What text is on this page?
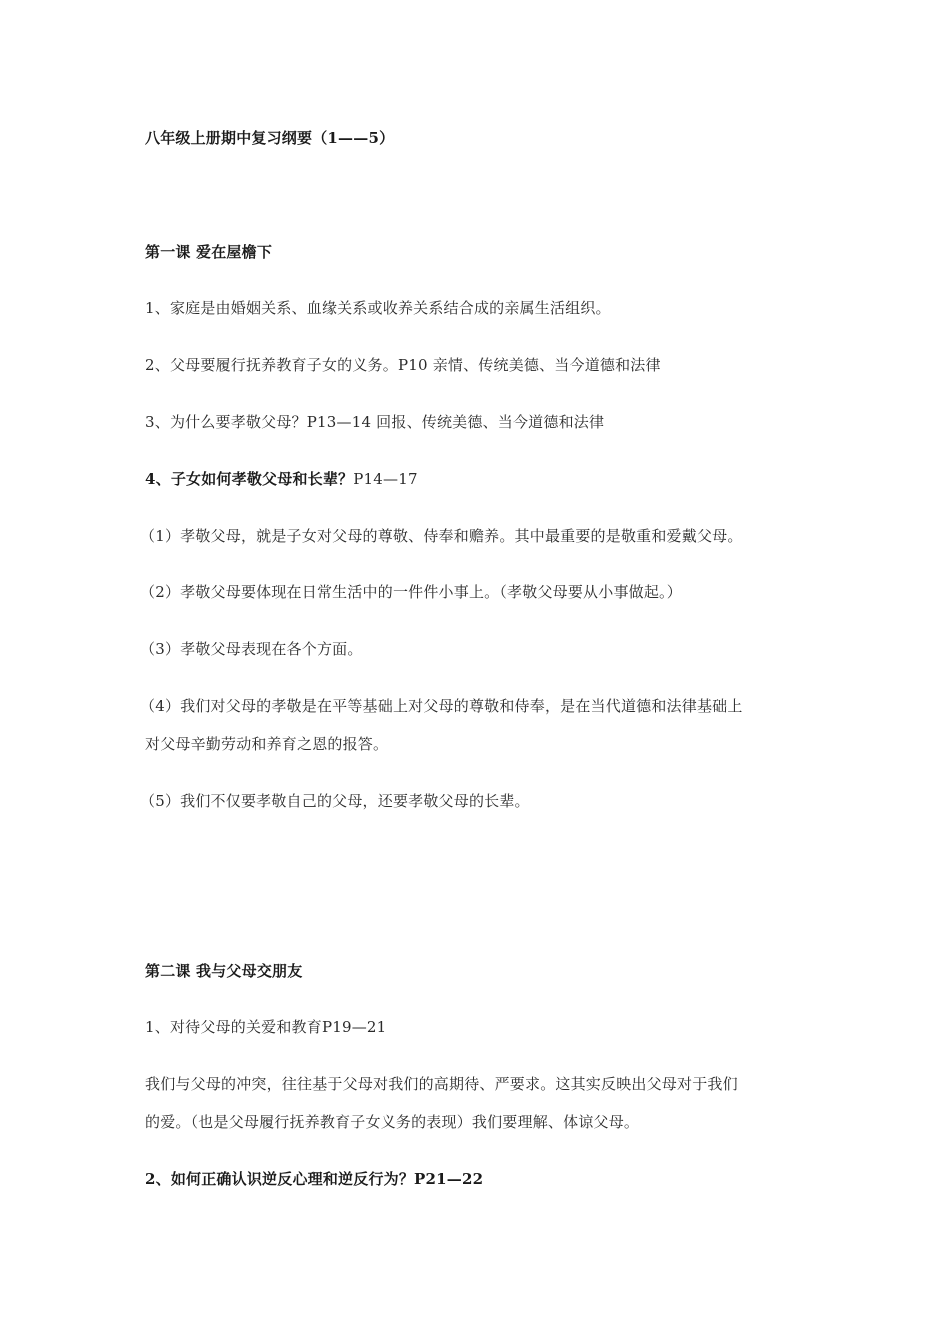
八年级上册期中复习纲要（1——5）
第一课 爱在屋檐下
1、家庭是由婚姻关系、血缘关系或收养关系结合成的亲属生活组织。
2、父母要履行抚养教育子女的义务。P10 亲情、传统美德、当今道德和法律
3、为什么要孝敬父母？P13—14 回报、传统美德、当今道德和法律
4、子女如何孝敬父母和长辈？P14—17
（1）孝敬父母，就是子女对父母的尊敬、侍奉和赡养。其中最重要的是敬重和爱戴父母。
（2）孝敬父母要体现在日常生活中的一件件小事上。（孝敬父母要从小事做起。）
（3）孝敬父母表现在各个方面。
（4）我们对父母的孝敬是在平等基础上对父母的尊敬和侍奉，是在当代道德和法律基础上
对父母辛勤劳动和养育之恩的报答。
（5）我们不仅要孝敬自己的父母，还要孝敬父母的长辈。
第二课 我与父母交朋友
1、对待父母的关爱和教育P19—21
我们与父母的冲突，往往基于父母对我们的高期待、严要求。这其实反映出父母对于我们
的爱。（也是父母履行抚养教育子女义务的表现）我们要理解、体谅父母。
2、如何正确认识逆反心理和逆反行为？P21—22
